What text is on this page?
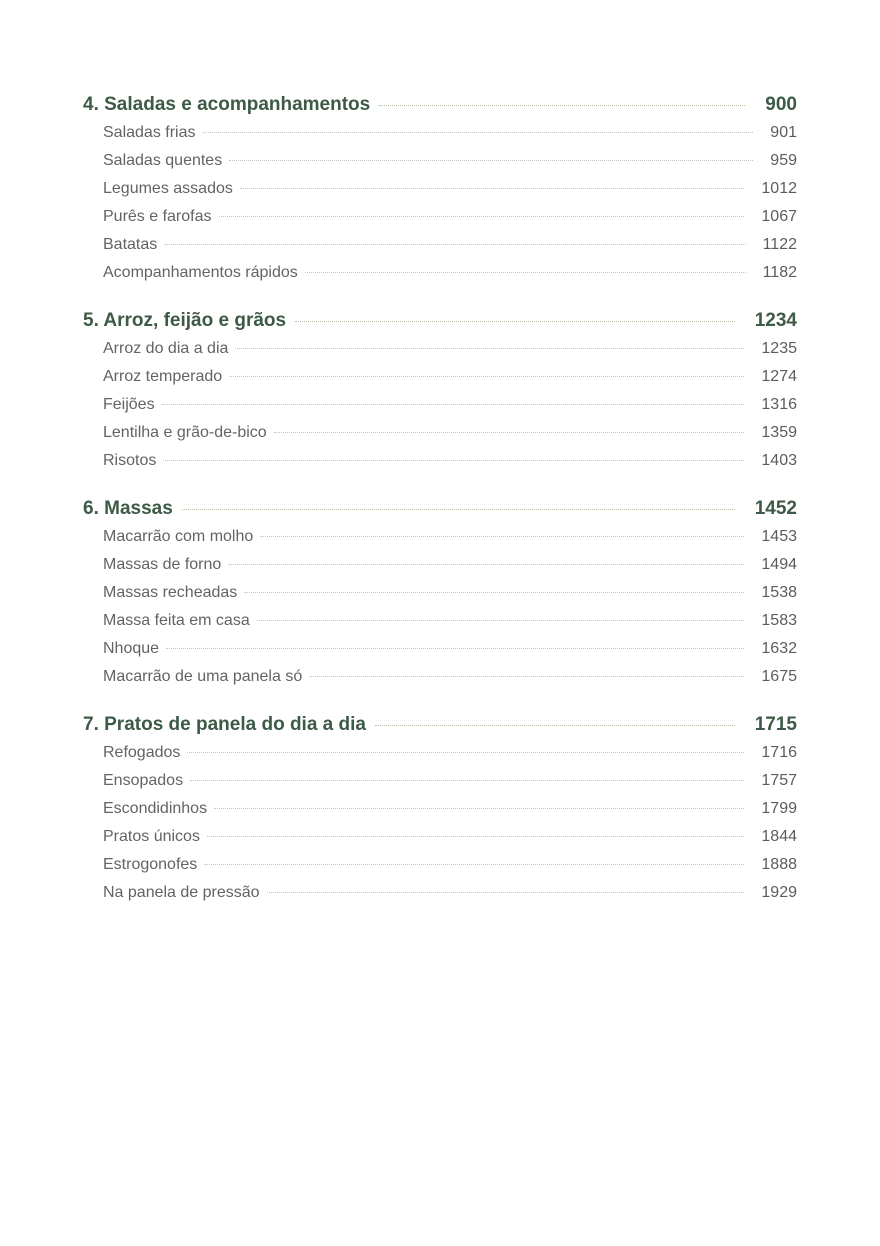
4. Saladas e acompanhamentos	900
Saladas frias	901
Saladas quentes	959
Legumes assados	1012
Purês e farofas	1067
Batatas	1122
Acompanhamentos rápidos	1182
5. Arroz, feijão e grãos	1234
Arroz do dia a dia	1235
Arroz temperado	1274
Feijões	1316
Lentilha e grão-de-bico	1359
Risotos	1403
6. Massas	1452
Macarrão com molho	1453
Massas de forno	1494
Massas recheadas	1538
Massa feita em casa	1583
Nhoque	1632
Macarrão de uma panela só	1675
7. Pratos de panela do dia a dia	1715
Refogados	1716
Ensopados	1757
Escondidinhos	1799
Pratos únicos	1844
Estrogonofes	1888
Na panela de pressão	1929
